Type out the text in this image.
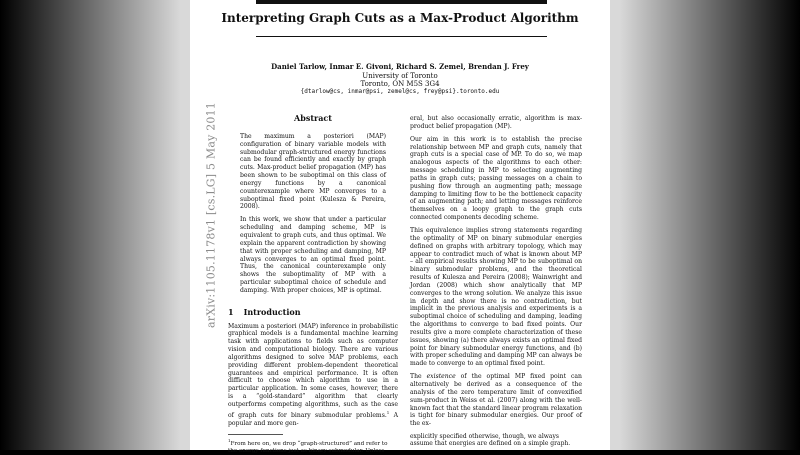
Interpreting Graph Cuts as a Max-Product Algorithm
Daniel Tarlow, Inmar E. Givoni, Richard S. Zemel, Brendan J. Frey
University of Toronto
Toronto, ON M5S 3G4
{dtarlow@cs, inmar@psi, zemel@cs, frey@psi}.toronto.edu
arXiv:1105.1178v1 [cs.LG] 5 May 2011	Abstract

The maximum a posteriori (MAP) configuration of binary variable models with submodular graph-structured energy functions can be found efficiently and exactly by graph cuts. Max-product belief propagation (MP) has been shown to be suboptimal on this class of energy functions by a canonical counterexample where MP converges to a suboptimal fixed point (Kulesza & Pereira, 2008).

In this work, we show that under a particular scheduling and damping scheme, MP is equivalent to graph cuts, and thus optimal. We explain the apparent contradiction by showing that with proper scheduling and damping, MP always converges to an optimal fixed point. Thus, the canonical counterexample only shows the suboptimality of MP with a particular suboptimal choice of schedule and damping. With proper choices, MP is optimal.

1 Introduction

Maximum a posteriori (MAP) inference in probabilistic graphical models is a fundamental machine learning task with applications to fields such as computer vision and computational biology. There are various algorithms designed to solve MAP problems, each providing different problem-dependent theoretical guarantees and empirical performance. It is often difficult to choose which algorithm to use in a particular application. In some cases, however, there is a “gold-standard” algorithm that clearly outperforms competing algorithms, such as the case of graph cuts for binary submodular problems.$^1$ A popular and more gen-

eral, but also occasionally erratic, algorithm is max-product belief propagation (MP).

Our aim in this work is to establish the precise relationship between MP and graph cuts, namely that graph cuts is a special case of MP. To do so, we map analogous aspects of the algorithms to each other: message scheduling in MP to selecting augmenting paths in graph cuts; passing messages on a chain to pushing flow through an augmenting path; message damping to limiting flow to be the bottleneck capacity of an augmenting path; and letting messages reinforce themselves on a loopy graph to the graph cuts connected components decoding scheme.

This equivalence implies strong statements regarding the optimality of MP on binary submodular energies defined on graphs with arbitrary topology, which may appear to contradict much of what is known about MP – all empirical results showing MP to be suboptimal on binary submodular problems, and the theoretical results of Kulesza and Pereira (2008); Wainwright and Jordan (2008) which show analytically that MP converges to the wrong solution. We analyze this issue in depth and show there is no contradiction, but implicit in the previous analysis and experiments is a suboptimal choice of scheduling and damping, leading the algorithms to converge to bad fixed points. Our results give a more complete characterization of these issues, showing (a) there always exists an optimal fixed point for binary submodular energy functions, and (b) with proper scheduling and damping MP can always be made to converge to an optimal fixed point.

The existence of the optimal MP fixed point can alternatively be derived as a consequence of the analysis of the zero temperature limit of convexified sum-product in Weiss et al. (2007) along with the well-known fact that the standard linear program relaxation is tight for binary submodular energies. Our proof of the ex-

$^1$From here on, we drop “graph-structured” and refer to the energy functions just as binary submodular. Unless

explicitly specified otherwise, though, we always assume that energies are defined on a simple graph.
